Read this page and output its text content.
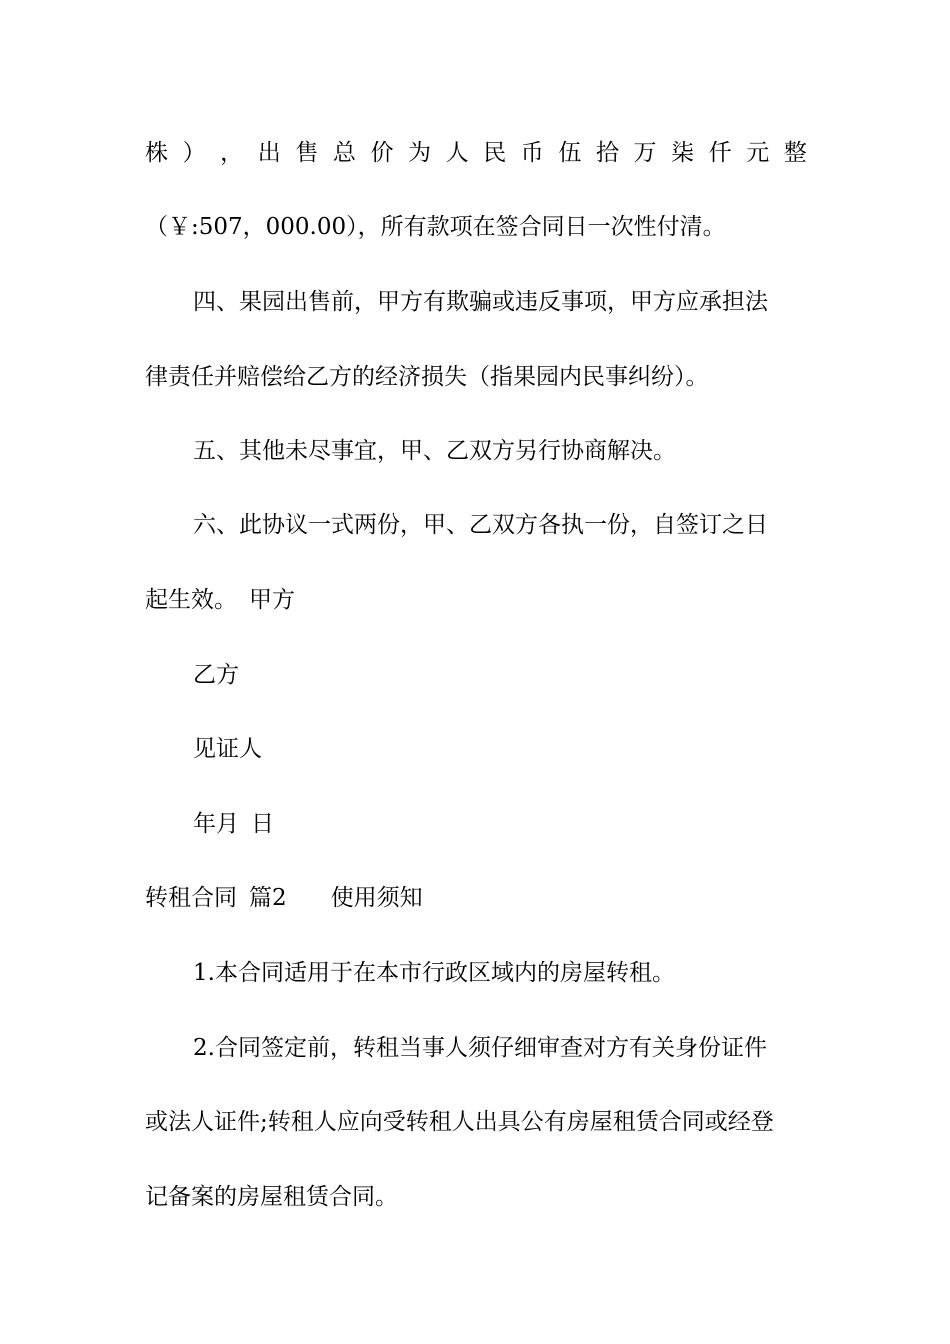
株 ） ， 出 售 总 价 为 人 民 币 伍 拾 万 柒 仟 元 整
（￥:507，000.00），所有款项在签合同日一次性付清。
四、果园出售前，甲方有欺骗或违反事项，甲方应承担法
律责任并赔偿给乙方的经济损失（指果园内民事纠纷）。
五、其他未尽事宜，甲、乙双方另行协商解决。
六、此协议一式两份，甲、乙双方各执一份，自签订之日
起生效。 甲方
乙方
见证人
年月 日
转租合同 篇2 使用须知
1.本合同适用于在本市行政区域内的房屋转租。
2.合同签定前，转租当事人须仔细审查对方有关身份证件
或法人证件;转租人应向受转租人出具公有房屋租赁合同或经登
记备案的房屋租赁合同。
